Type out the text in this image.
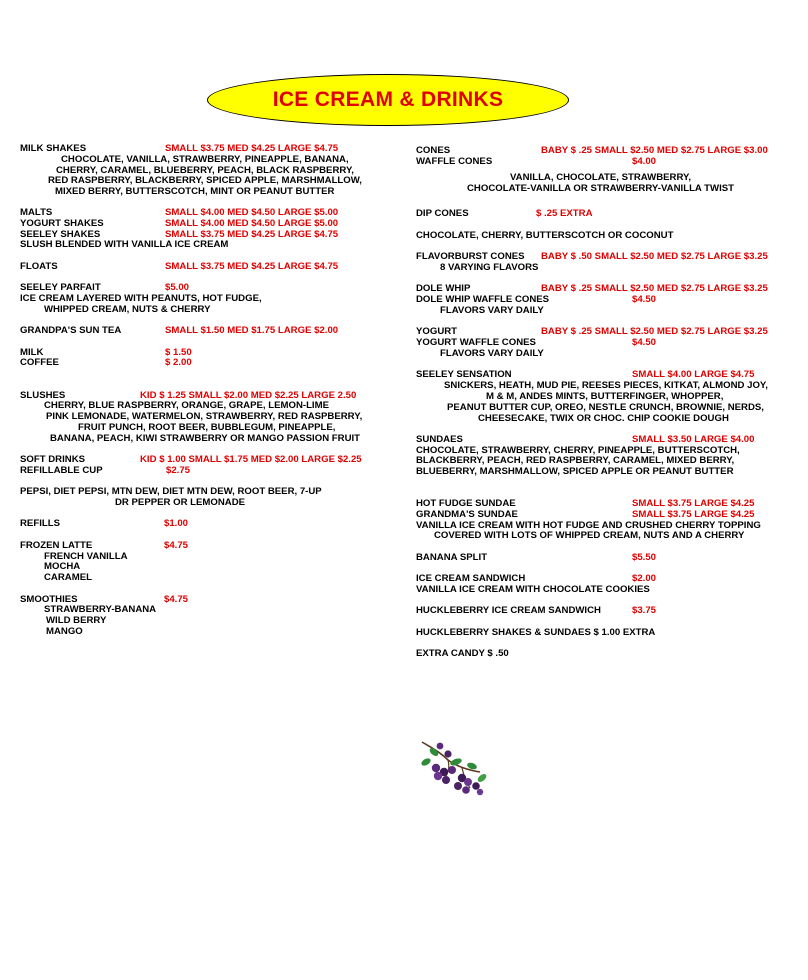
ICE CREAM & DRINKS
MILK SHAKES	SMALL $3.75 MED $4.25 LARGE $4.75
CHOCOLATE, VANILLA, STRAWBERRY, PINEAPPLE, BANANA,
CHERRY, CARAMEL, BLUEBERRY, PEACH, BLACK RASPBERRY,
RED RASPBERRY, BLACKBERRY, SPICED APPLE, MARSHMALLOW,
MIXED BERRY, BUTTERSCOTCH, MINT OR PEANUT BUTTER
MALTS	SMALL $4.00 MED $4.50 LARGE $5.00
YOGURT SHAKES	SMALL $4.00 MED $4.50 LARGE $5.00
SEELEY SHAKES	SMALL $3.75 MED $4.25 LARGE $4.75
SLUSH BLENDED WITH VANILLA ICE CREAM
FLOATS	SMALL $3.75 MED $4.25 LARGE $4.75
SEELEY PARFAIT	$5.00
ICE CREAM LAYERED WITH PEANUTS, HOT FUDGE,
WHIPPED CREAM, NUTS & CHERRY
GRANDPA'S SUN TEA	SMALL $1.50 MED $1.75 LARGE $2.00
MILK	$ 1.50
COFFEE	$ 2.00
SLUSHES	KID $ 1.25 SMALL $2.00 MED $2.25 LARGE 2.50
CHERRY, BLUE RASPBERRY, ORANGE, GRAPE, LEMON-LIME
PINK LEMONADE, WATERMELON, STRAWBERRY, RED RASPBERRY,
FRUIT PUNCH, ROOT BEER, BUBBLEGUM, PINEAPPLE,
BANANA, PEACH, KIWI STRAWBERRY OR MANGO PASSION FRUIT
SOFT DRINKS	KID $ 1.00 SMALL $1.75 MED $2.00 LARGE $2.25
REFILLABLE CUP	$2.75
PEPSI, DIET PEPSI, MTN DEW, DIET MTN DEW, ROOT BEER, 7-UP
DR PEPPER OR LEMONADE
REFILLS	$1.00
FROZEN LATTE	$4.75
FRENCH VANILLA
MOCHA
CARAMEL
SMOOTHIES	$4.75
STRAWBERRY-BANANA
WILD BERRY
MANGO
CONES	BABY $ .25 SMALL $2.50 MED $2.75 LARGE $3.00
WAFFLE CONES	$4.00
VANILLA, CHOCOLATE, STRAWBERRY,
CHOCOLATE-VANILLA OR STRAWBERRY-VANILLA TWIST
DIP CONES	$ .25 EXTRA
CHOCOLATE, CHERRY, BUTTERSCOTCH OR COCONUT
FLAVORBURST CONES BABY $ .50 SMALL $2.50 MED $2.75 LARGE $3.25
8 VARYING FLAVORS
DOLE WHIP	BABY $ .25 SMALL $2.50 MED $2.75 LARGE $3.25
DOLE WHIP WAFFLE CONES	$4.50
FLAVORS VARY DAILY
YOGURT	BABY $ .25 SMALL $2.50 MED $2.75 LARGE $3.25
YOGURT WAFFLE CONES	$4.50
FLAVORS VARY DAILY
SEELEY SENSATION	SMALL $4.00 LARGE $4.75
SNICKERS, HEATH, MUD PIE, REESES PIECES, KITKAT, ALMOND JOY,
M & M, ANDES MINTS, BUTTERFINGER, WHOPPER,
PEANUT BUTTER CUP, OREO, NESTLE CRUNCH, BROWNIE, NERDS,
CHEESECAKE, TWIX OR CHOC. CHIP COOKIE DOUGH
SUNDAES	SMALL $3.50 LARGE $4.00
CHOCOLATE, STRAWBERRY, CHERRY, PINEAPPLE, BUTTERSCOTCH,
BLACKBERRY, PEACH, RED RASPBERRY, CARAMEL, MIXED BERRY,
BLUEBERRY, MARSHMALLOW, SPICED APPLE OR PEANUT BUTTER
HOT FUDGE SUNDAE	SMALL $3.75 LARGE $4.25
GRANDMA'S SUNDAE	SMALL $3.75 LARGE $4.25
VANILLA ICE CREAM WITH HOT FUDGE AND CRUSHED CHERRY TOPPING
COVERED WITH LOTS OF WHIPPED CREAM, NUTS AND A CHERRY
BANANA SPLIT	$5.50
ICE CREAM SANDWICH	$2.00
VANILLA ICE CREAM WITH CHOCOLATE COOKIES
HUCKLEBERRY ICE CREAM SANDWICH	$3.75
HUCKLEBERRY SHAKES & SUNDAES $ 1.00 EXTRA
EXTRA CANDY $ .50
